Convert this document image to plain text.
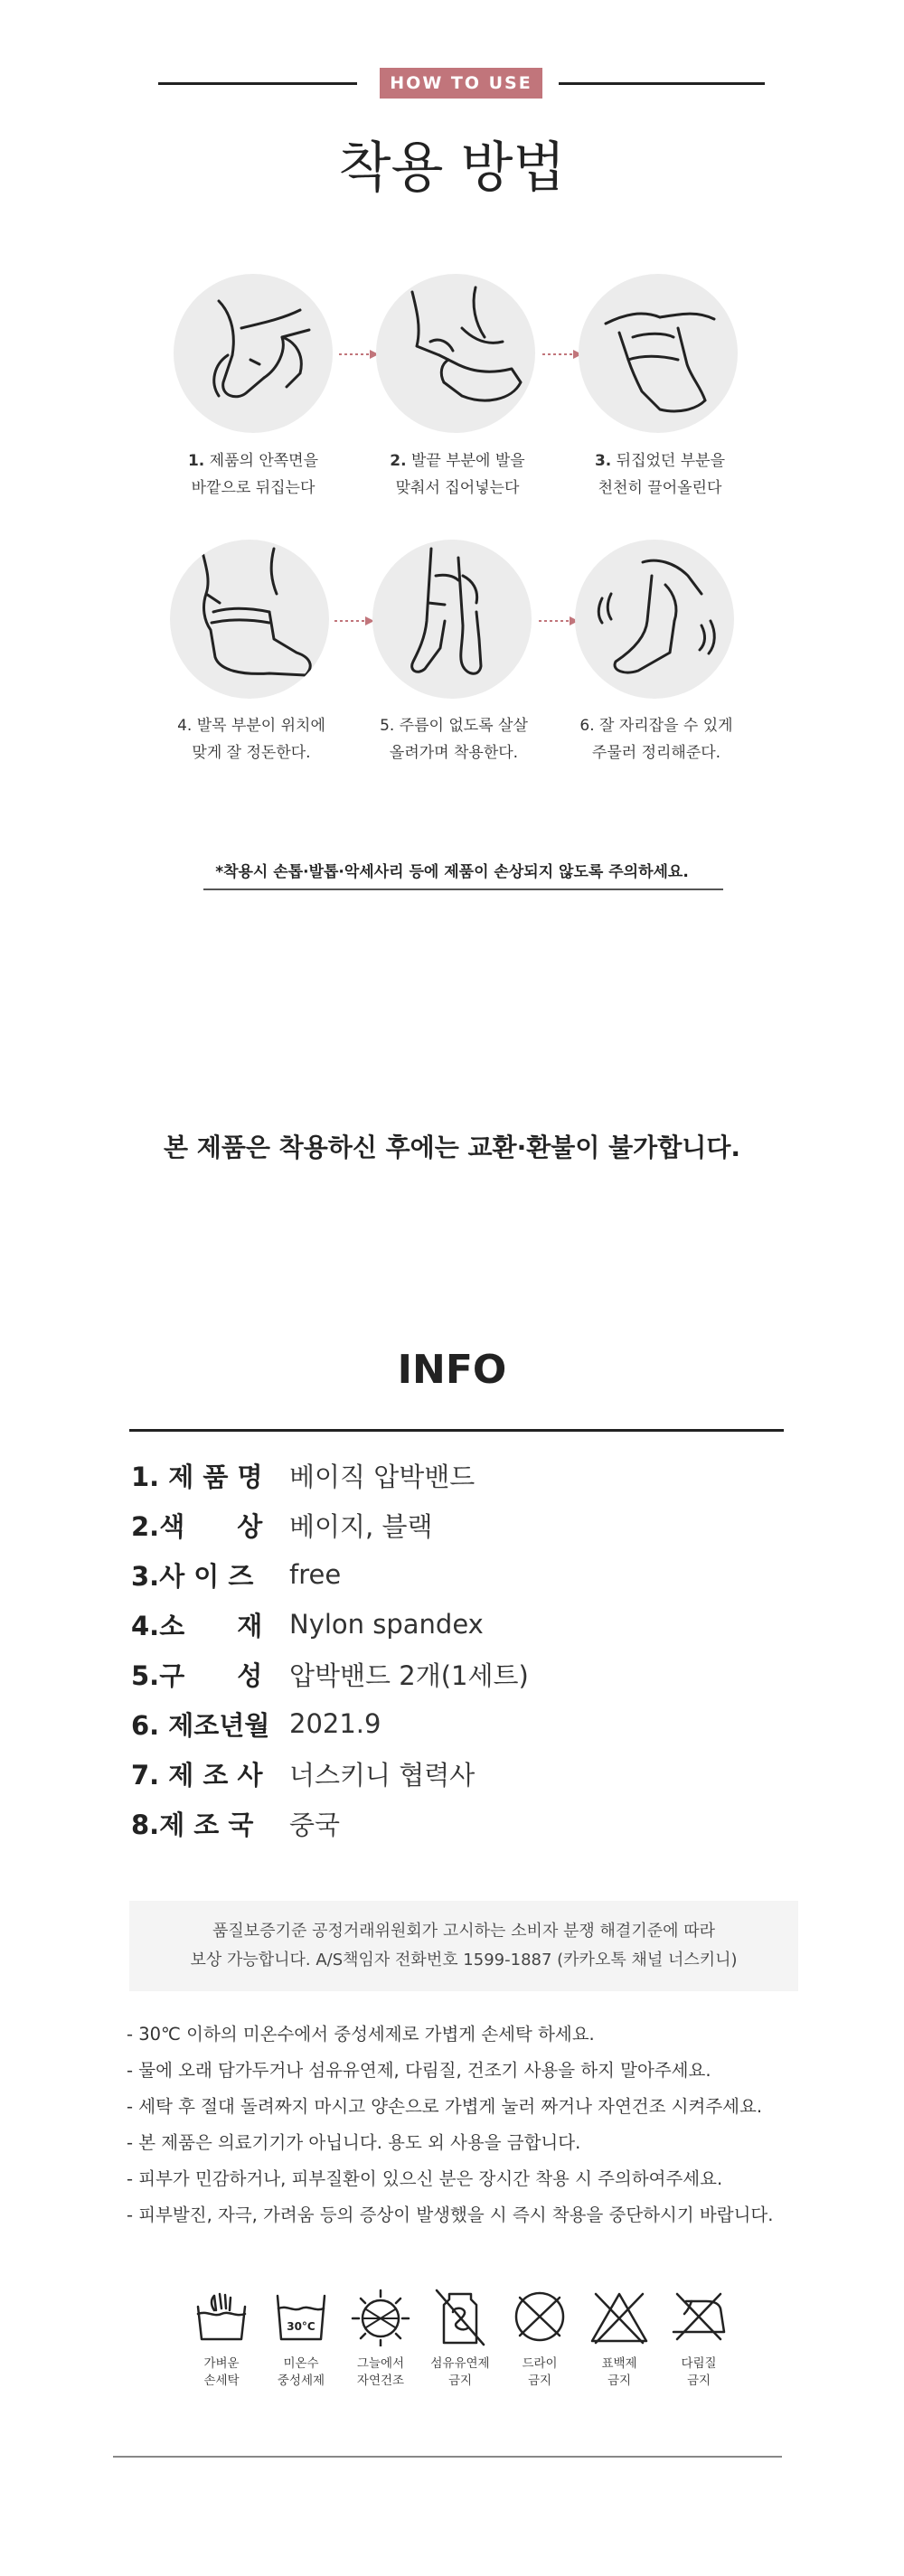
HOW TO USE
착용 방법
1. 제품의 안쪽면을
바깥으로 뒤집는다
2. 발끝 부분에 발을
맞춰서 집어넣는다
3. 뒤집었던 부분을
천천히 끌어올린다
4. 발목 부분이 위치에
맞게 잘 정돈한다.
5. 주름이 없도록 살살
올려가며 착용한다.
6. 잘 자리잡을 수 있게
주물러 정리해준다.
*착용시 손톱·발톱·악세사리 등에 제품이 손상되지 않도록 주의하세요.
본 제품은 착용하신 후에는 교환·환불이 불가합니다.
INFO
1. 제 품 명	베이직 압박밴드
2.색　　상	베이지, 블랙
3.사 이 즈	free
4.소　　재	Nylon spandex
5.구　　성	압박밴드 2개(1세트)
6. 제조년월 2021.9
7. 제 조 사	너스키니 협력사
8.제 조 국	중국
품질보증기준 공정거래위원회가 고시하는 소비자 분쟁 해결기준에 따라
보상 가능합니다. A/S책임자 전화번호 1599-1887 (카카오톡 채널 너스키니)
- 30℃ 이하의 미온수에서 중성세제로 가볍게 손세탁 하세요.
- 물에 오래 담가두거나 섬유유연제, 다림질, 건조기 사용을 하지 말아주세요.
- 세탁 후 절대 돌려짜지 마시고 양손으로 가볍게 눌러 짜거나 자연건조 시켜주세요.
- 본 제품은 의료기기가 아닙니다. 용도 외 사용을 금합니다.
- 피부가 민감하거나, 피부질환이 있으신 분은 장시간 착용 시 주의하여주세요.
- 피부발진, 자극, 가려움 등의 증상이 발생했을 시 즉시 착용을 중단하시기 바랍니다.
가벼운
손세탁
30°C
미온수
중성세제
그늘에서
자연건조
섬유유연제
금지
드라이
금지
표백제
금지
다림질
금지
